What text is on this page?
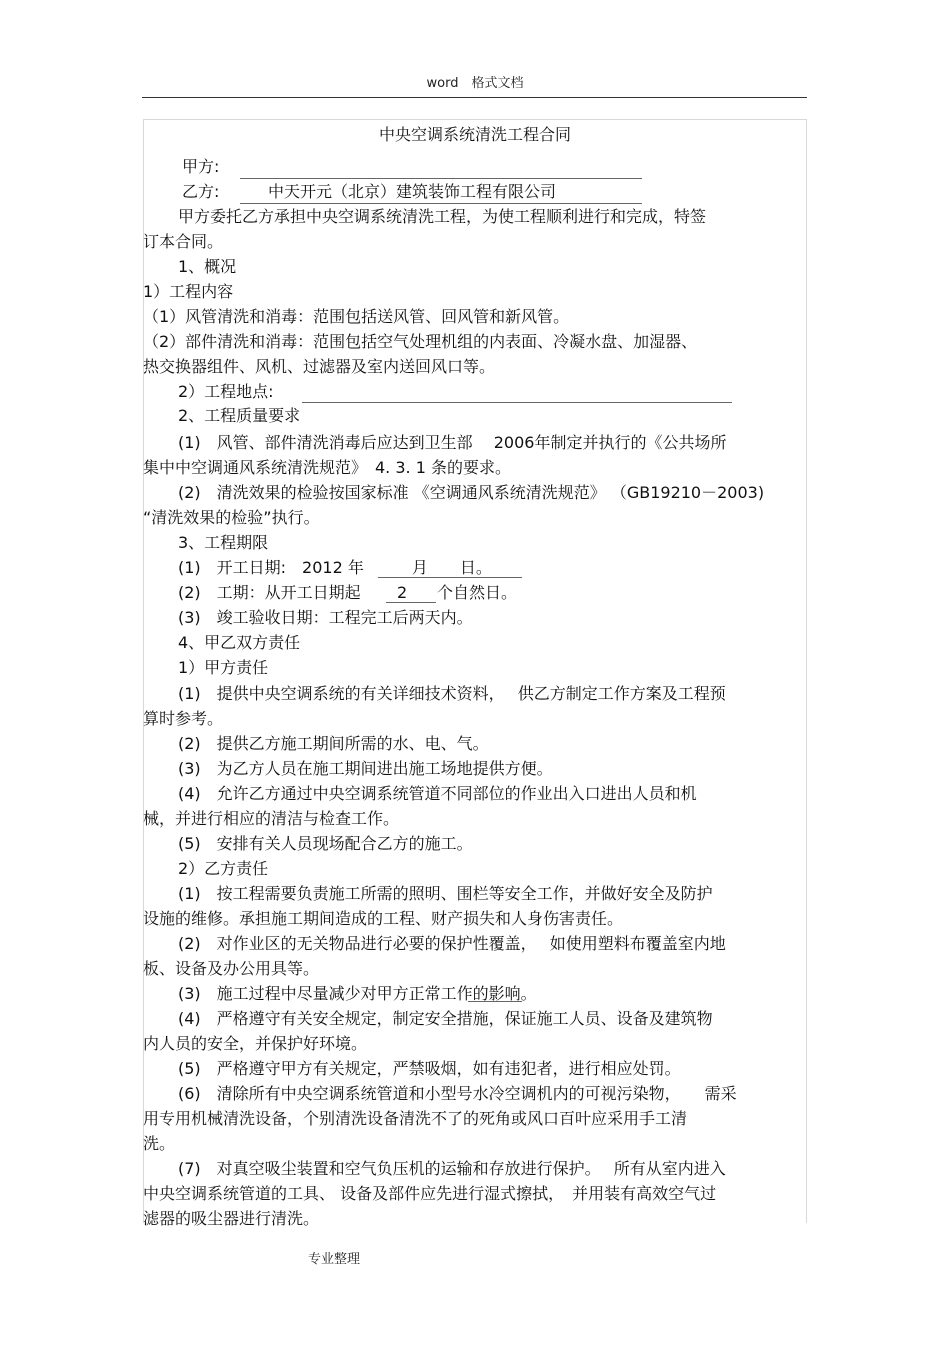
word　格式文档
中央空调系统清洗工程合同
甲方:
乙方:	中天开元（北京）建筑装饰工程有限公司
甲方委托乙方承担中央空调系统清洗工程，为使工程顺利进行和完成，特签
订本合同。
1、概况
1）工程内容
（1）风管清洗和消毒：范围包括送风管、回风管和新风管。
（2）部件清洗和消毒：范围包括空气处理机组的内表面、冷凝水盘、加湿器、
热交换器组件、风机、过滤器及室内送回风口等。
2）工程地点:
2、工程质量要求
(1)　风管、部件清洗消毒后应达到卫生部　 2006年制定并执行的《公共场所
集中中空调通风系统清洗规范》　4. 3. 1 条的要求。
(2)　清洗效果的检验按国家标准 《空调通风系统清洗规范》 （GB19210－2003)
“清洗效果的检验”执行。
3、工程期限
(1)　开工日期:　2012 年　　　月　　日。
(2)　工期：从开工日期起 2 个自然日。
(3)　竣工验收日期：工程完工后两天内。
4、甲乙双方责任
1）甲方责任
(1)　提供中央空调系统的有关详细技术资料，　 供乙方制定工作方案及工程预
算时参考。
(2)　提供乙方施工期间所需的水、电、气。
(3)　为乙方人员在施工期间进出施工场地提供方便。
(4)　允许乙方通过中央空调系统管道不同部位的作业出入口进出人员和机
械，并进行相应的清洁与检查工作。
(5)　安排有关人员现场配合乙方的施工。
2）乙方责任
(1)　按工程需要负责施工所需的照明、围栏等安全工作，并做好安全及防护
设施的维修。承担施工期间造成的工程、财产损失和人身伤害责任。
(2)　对作业区的无关物品进行必要的保护性覆盖，　 如使用塑料布覆盖室内地
板、设备及办公用具等。
(3)　施工过程中尽量减少对甲方正常工作的影响。
(4)　严格遵守有关安全规定，制定安全措施，保证施工人员、设备及建筑物
内人员的安全，并保护好环境。
(5)　严格遵守甲方有关规定，严禁吸烟，如有违犯者，进行相应处罚。
(6)　清除所有中央空调系统管道和小型号水冷空调机内的可视污染物，　　需采
用专用机械清洗设备，个别清洗设备清洗不了的死角或风口百叶应采用手工清
洗。
(7)　对真空吸尘装置和空气负压机的运输和存放进行保护。　 所有从室内进入
中央空调系统管道的工具、 设备及部件应先进行湿式擦拭，　并用装有高效空气过
滤器的吸尘器进行清洗。
专业整理
